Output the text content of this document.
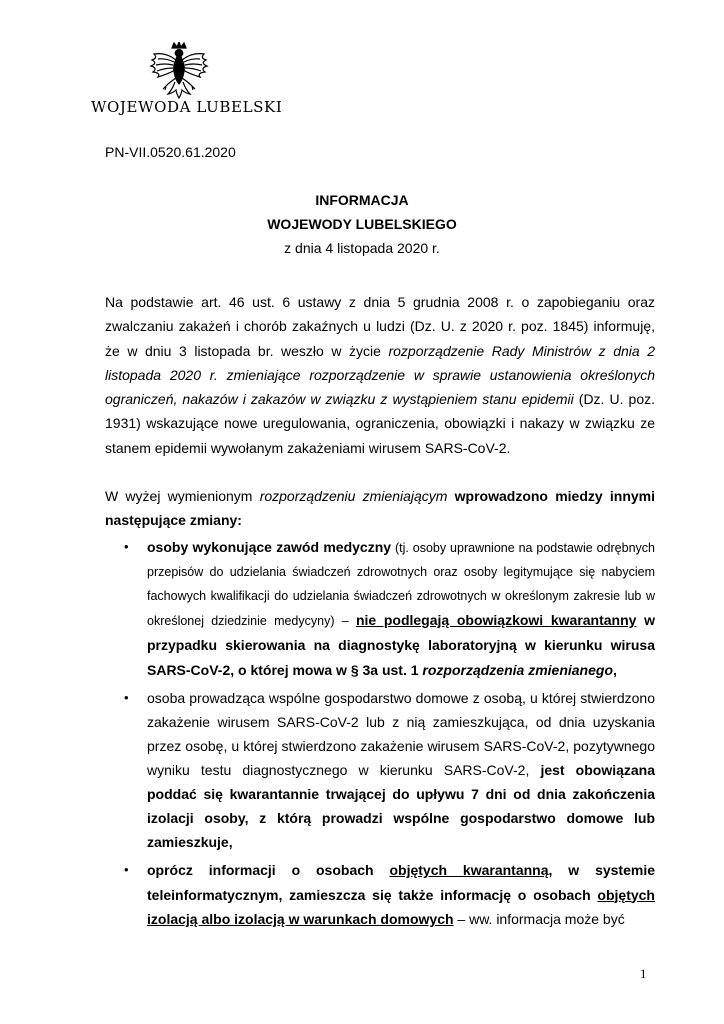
WOJEWODA LUBELSKI
PN-VII.0520.61.2020
INFORMACJA
WOJEWODY LUBELSKIEGO
z dnia 4 listopada 2020 r.
Na podstawie art. 46 ust. 6 ustawy z dnia 5 grudnia 2008 r. o zapobieganiu oraz zwalczaniu zakażeń i chorób zakaźnych u ludzi (Dz. U. z 2020 r. poz. 1845) informuję, że w dniu 3 listopada br. weszło w życie rozporządzenie Rady Ministrów z dnia 2 listopada 2020 r. zmieniające rozporządzenie w sprawie ustanowienia określonych ograniczeń, nakazów i zakazów w związku z wystąpieniem stanu epidemii (Dz. U. poz. 1931) wskazujące nowe uregulowania, ograniczenia, obowiązki i nakazy w związku ze stanem epidemii wywołanym zakażeniami wirusem SARS-CoV-2.
W wyżej wymienionym rozporządzeniu zmieniającym wprowadzono miedzy innymi następujące zmiany:
• osoby wykonujące zawód medyczny (tj. osoby uprawnione na podstawie odrębnych przepisów do udzielania świadczeń zdrowotnych oraz osoby legitymujące się nabyciem fachowych kwalifikacji do udzielania świadczeń zdrowotnych w określonym zakresie lub w określonej dziedzinie medycyny) – nie podlegają obowiązkowi kwarantanny w przypadku skierowania na diagnostykę laboratoryjną w kierunku wirusa SARS-CoV-2, o której mowa w § 3a ust. 1 rozporządzenia zmienianego,
• osoba prowadząca wspólne gospodarstwo domowe z osobą, u której stwierdzono zakażenie wirusem SARS-CoV-2 lub z nią zamieszkująca, od dnia uzyskania przez osobę, u której stwierdzono zakażenie wirusem SARS-CoV-2, pozytywnego wyniku testu diagnostycznego w kierunku SARS-CoV-2, jest obowiązana poddać się kwarantannie trwającej do upływu 7 dni od dnia zakończenia izolacji osoby, z którą prowadzi wspólne gospodarstwo domowe lub zamieszkuje,
• oprócz informacji o osobach objętych kwarantanną, w systemie teleinformatycznym, zamieszcza się także informację o osobach objętych izolacją albo izolacją w warunkach domowych – ww. informacja może być
1
